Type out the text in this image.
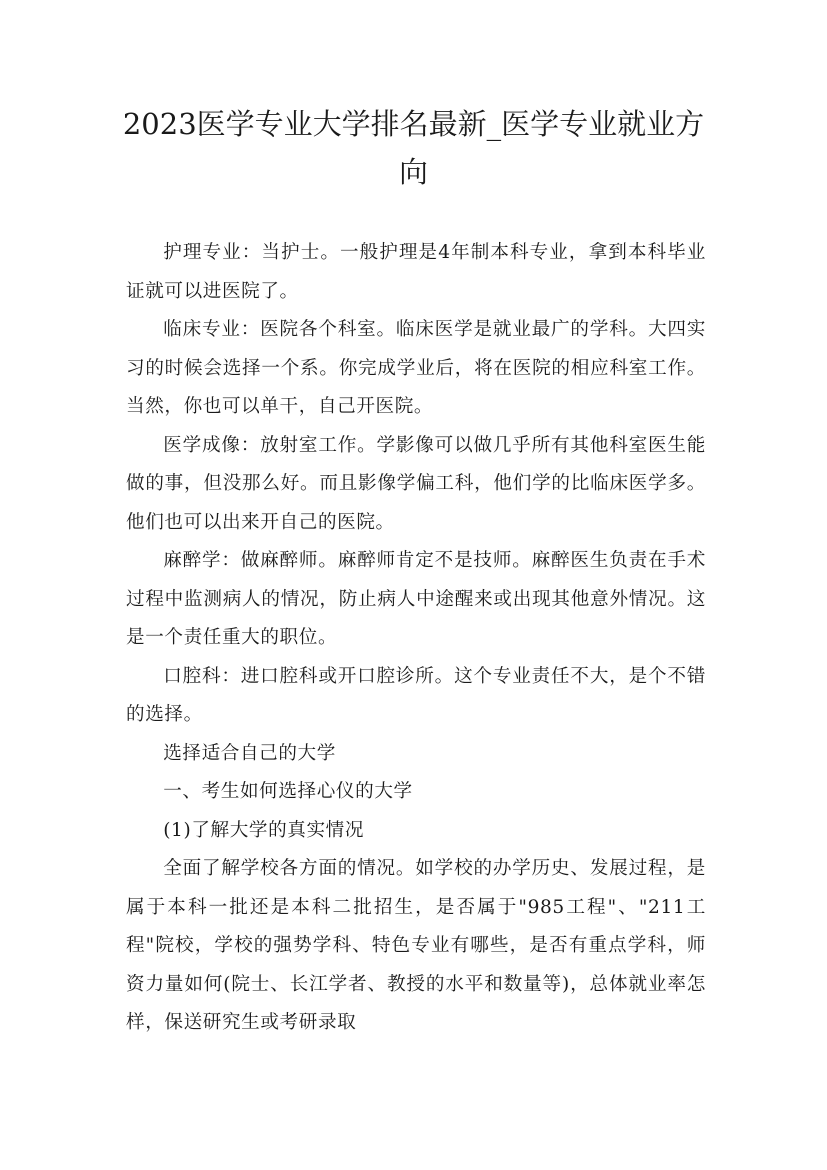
2023医学专业大学排名最新_医学专业就业方向

护理专业：当护士。一般护理是4年制本科专业，拿到本科毕业证就可以进医院了。

临床专业：医院各个科室。临床医学是就业最广的学科。大四实习的时候会选择一个系。你完成学业后，将在医院的相应科室工作。当然，你也可以单干，自己开医院。

医学成像：放射室工作。学影像可以做几乎所有其他科室医生能做的事，但没那么好。而且影像学偏工科，他们学的比临床医学多。他们也可以出来开自己的医院。

麻醉学：做麻醉师。麻醉师肯定不是技师。麻醉医生负责在手术过程中监测病人的情况，防止病人中途醒来或出现其他意外情况。这是一个责任重大的职位。

口腔科：进口腔科或开口腔诊所。这个专业责任不大，是个不错的选择。

选择适合自己的大学

一、考生如何选择心仪的大学

(1)了解大学的真实情况

全面了解学校各方面的情况。如学校的办学历史、发展过程，是属于本科一批还是本科二批招生，是否属于"985工程"、"211工程"院校，学校的强势学科、特色专业有哪些，是否有重点学科，师资力量如何(院士、长江学者、教授的水平和数量等)，总体就业率怎样，保送研究生或考研录取
